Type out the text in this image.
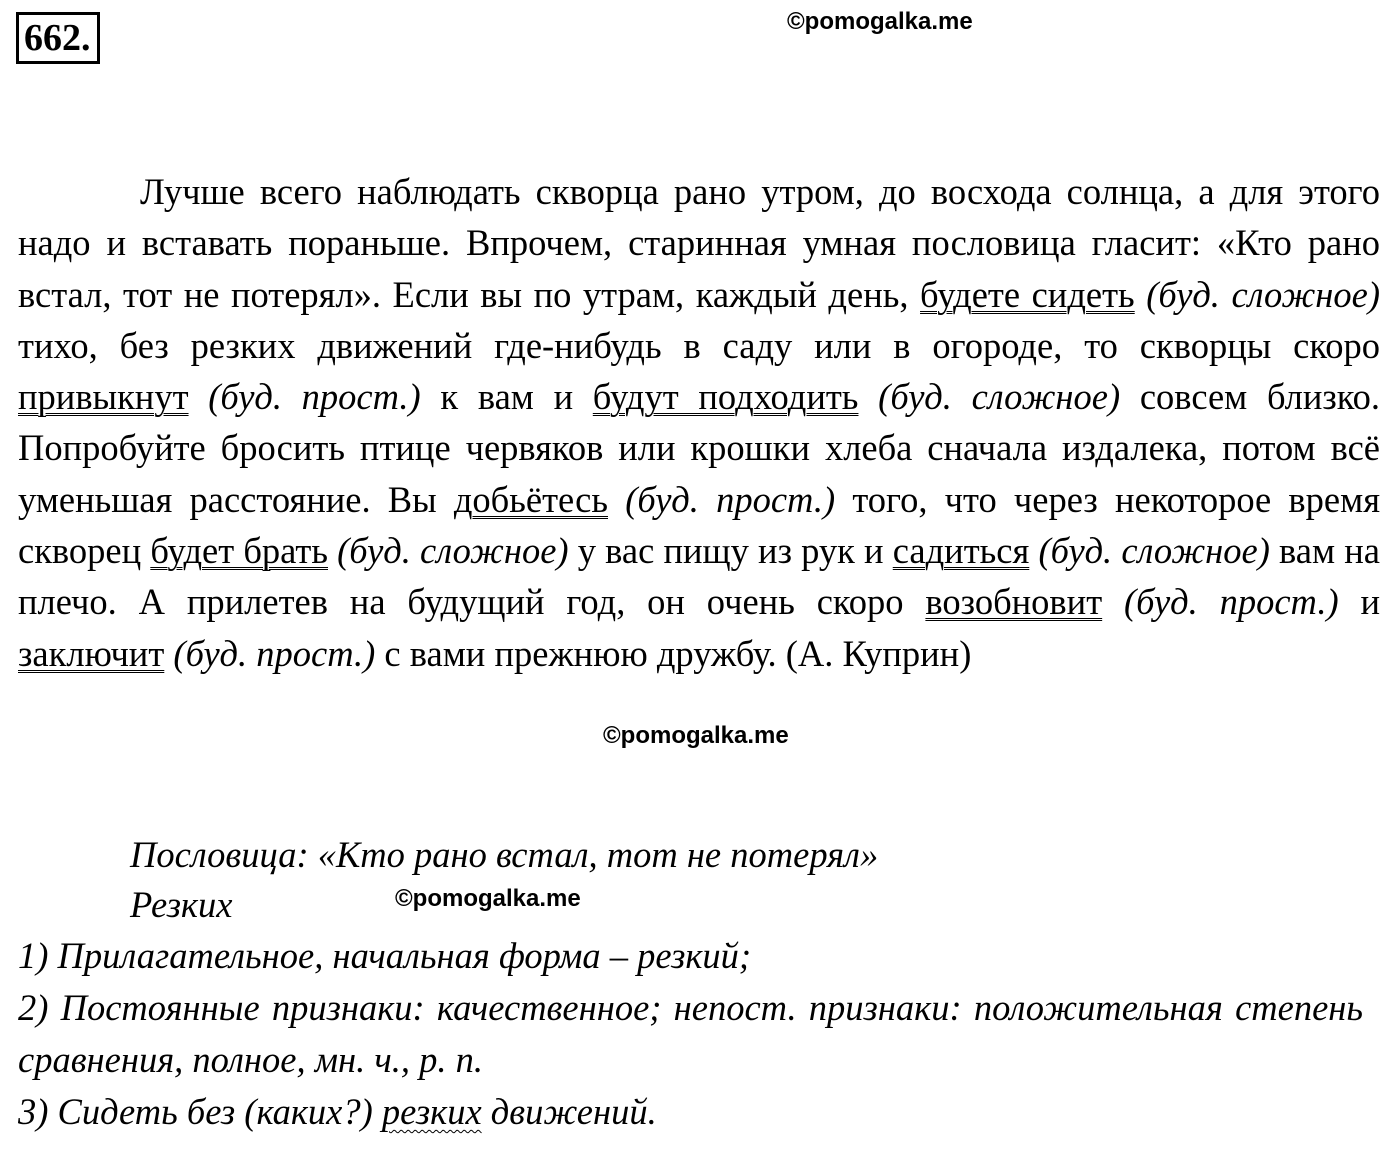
662.	©pomogalka.me
©pomogalka.me
©pomogalka.me
Лучше всего наблюдать скворца рано утром, до восхода солнца, а для этого надо и вставать пораньше. Впрочем, старинная умная пословица гласит: «Кто рано встал, тот не потерял». Если вы по утрам, каждый день, будете сидеть (буд. сложное) тихо, без резких движений где-нибудь в саду или в огороде, то скворцы скоро привыкнут (буд. прост.) к вам и будут подходить (буд. сложное) совсем близко. Попробуйте бросить птице червяков или крошки хлеба сначала издалека, потом всё уменьшая расстояние. Вы добьётесь (буд. прост.) того, что через некоторое время скворец будет брать (буд. сложное) у вас пищу из рук и садиться (буд. сложное) вам на плечо. А прилетев на будущий год, он очень скоро возобновит (буд. прост.) и заключит (буд. прост.) с вами прежнюю дружбу. (А. Куприн)
Пословица: «Кто рано встал, тот не потерял»
Резких
1) Прилагательное, начальная форма – резкий;
2) Постоянные признаки: качественное; непост. признаки: положительная степень сравнения, полное, мн. ч., р. п.
3) Сидеть без (каких?) резких движений.
